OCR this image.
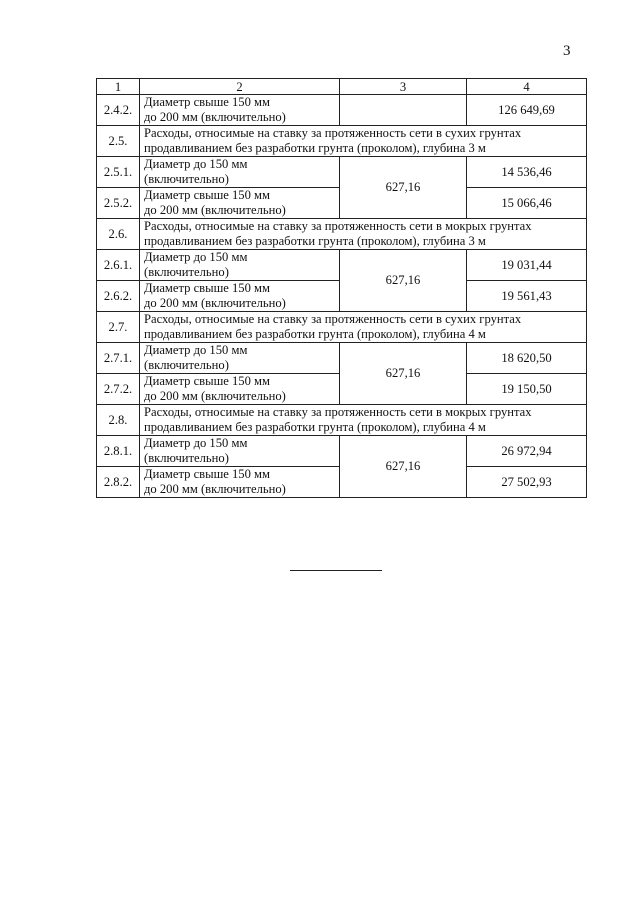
3
1	2	3	4
2.4.2.	Диаметр свыше 150 мм
до 200 мм (включительно)		126 649,69
2.5.	Расходы, относимые на ставку за протяженность сети в сухих грунтах
продавливанием без разработки грунта (проколом), глубина 3 м		
2.5.1.	Диаметр до 150 мм
(включительно)	627,16	14 536,46
2.5.2.	Диаметр свыше 150 мм
до 200 мм (включительно)		15 066,46
2.6.	Расходы, относимые на ставку за протяженность сети в мокрых грунтах
продавливанием без разработки грунта (проколом), глубина 3 м		
2.6.1.	Диаметр до 150 мм
(включительно)	627,16	19 031,44
2.6.2.	Диаметр свыше 150 мм
до 200 мм (включительно)		19 561,43
2.7.	Расходы, относимые на ставку за протяженность сети в сухих грунтах
продавливанием без разработки грунта (проколом), глубина 4 м		
2.7.1.	Диаметр до 150 мм
(включительно)	627,16	18 620,50
2.7.2.	Диаметр свыше 150 мм
до 200 мм (включительно)		19 150,50
2.8.	Расходы, относимые на ставку за протяженность сети в мокрых грунтах
продавливанием без разработки грунта (проколом), глубина 4 м		
2.8.1.	Диаметр до 150 мм
(включительно)	627,16	26 972,94
2.8.2.	Диаметр свыше 150 мм
до 200 мм (включительно)		27 502,93
